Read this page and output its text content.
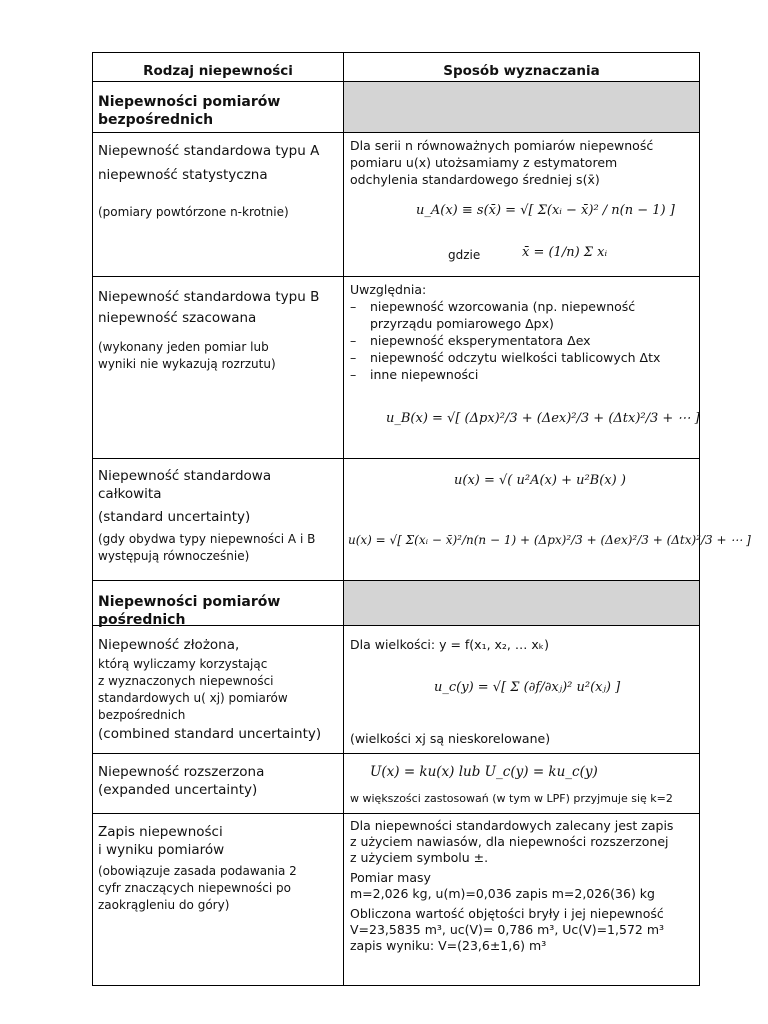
Rodzaj niepewności	Sposób wyznaczania
Niepewności pomiarów
bezpośrednich
Niepewność standardowa typu A
niepewność statystyczna
(pomiary powtórzone n-krotnie)
Dla serii n równoważnych pomiarów niepewność
pomiaru u(x) utożsamiamy z estymatorem
odchylenia standardowego średniej s(x̄)
u_A(x) ≡ s(x̄) = √[ Σ(xᵢ − x̄)² / n(n − 1) ]
gdzie	x̄ = (1/n) Σ xᵢ
Niepewność standardowa typu B
niepewność szacowana
(wykonany jeden pomiar lub
wyniki nie wykazują rozrzutu)
Uwzględnia:
– niepewność wzorcowania (np. niepewność
przyrządu pomiarowego Δpx)
– niepewność eksperymentatora Δex
– niepewność odczytu wielkości tablicowych Δtx
– inne niepewności
u_B(x) = √[ (Δpx)²/3 + (Δex)²/3 + (Δtx)²/3 + ⋯ ]
Niepewność standardowa
całkowita
(standard uncertainty)
(gdy obydwa typy niepewności A i B
występują równocześnie)
u(x) = √( u²A(x) + u²B(x) )
u(x) = √[ Σ(xᵢ − x̄)²/n(n − 1) + (Δpx)²/3 + (Δex)²/3 + (Δtx)²/3 + ⋯ ]
Niepewności pomiarów
pośrednich
Niepewność złożona,
którą wyliczamy korzystając
z wyznaczonych niepewności
standardowych u( xj) pomiarów
bezpośrednich
(combined standard uncertainty)
Dla wielkości: y = f(x₁, x₂, … xₖ)
u_c(y) = √[ Σ (∂f/∂xⱼ)² u²(xⱼ) ]
(wielkości xj są nieskorelowane)
Niepewność rozszerzona
(expanded uncertainty)
U(x) = ku(x) lub U_c(y) = ku_c(y)
w większości zastosowań (w tym w LPF) przyjmuje się k=2
Zapis niepewności
i wyniku pomiarów
(obowiązuje zasada podawania 2
cyfr znaczących niepewności po
zaokrągleniu do góry)
Dla niepewności standardowych zalecany jest zapis
z użyciem nawiasów, dla niepewności rozszerzonej
z użyciem symbolu ±.
Pomiar masy
m=2,026 kg, u(m)=0,036 zapis m=2,026(36) kg
Obliczona wartość objętości bryły i jej niepewność
V=23,5835 m³, uc(V)= 0,786 m³, Uc(V)=1,572 m³
zapis wyniku: V=(23,6±1,6) m³
